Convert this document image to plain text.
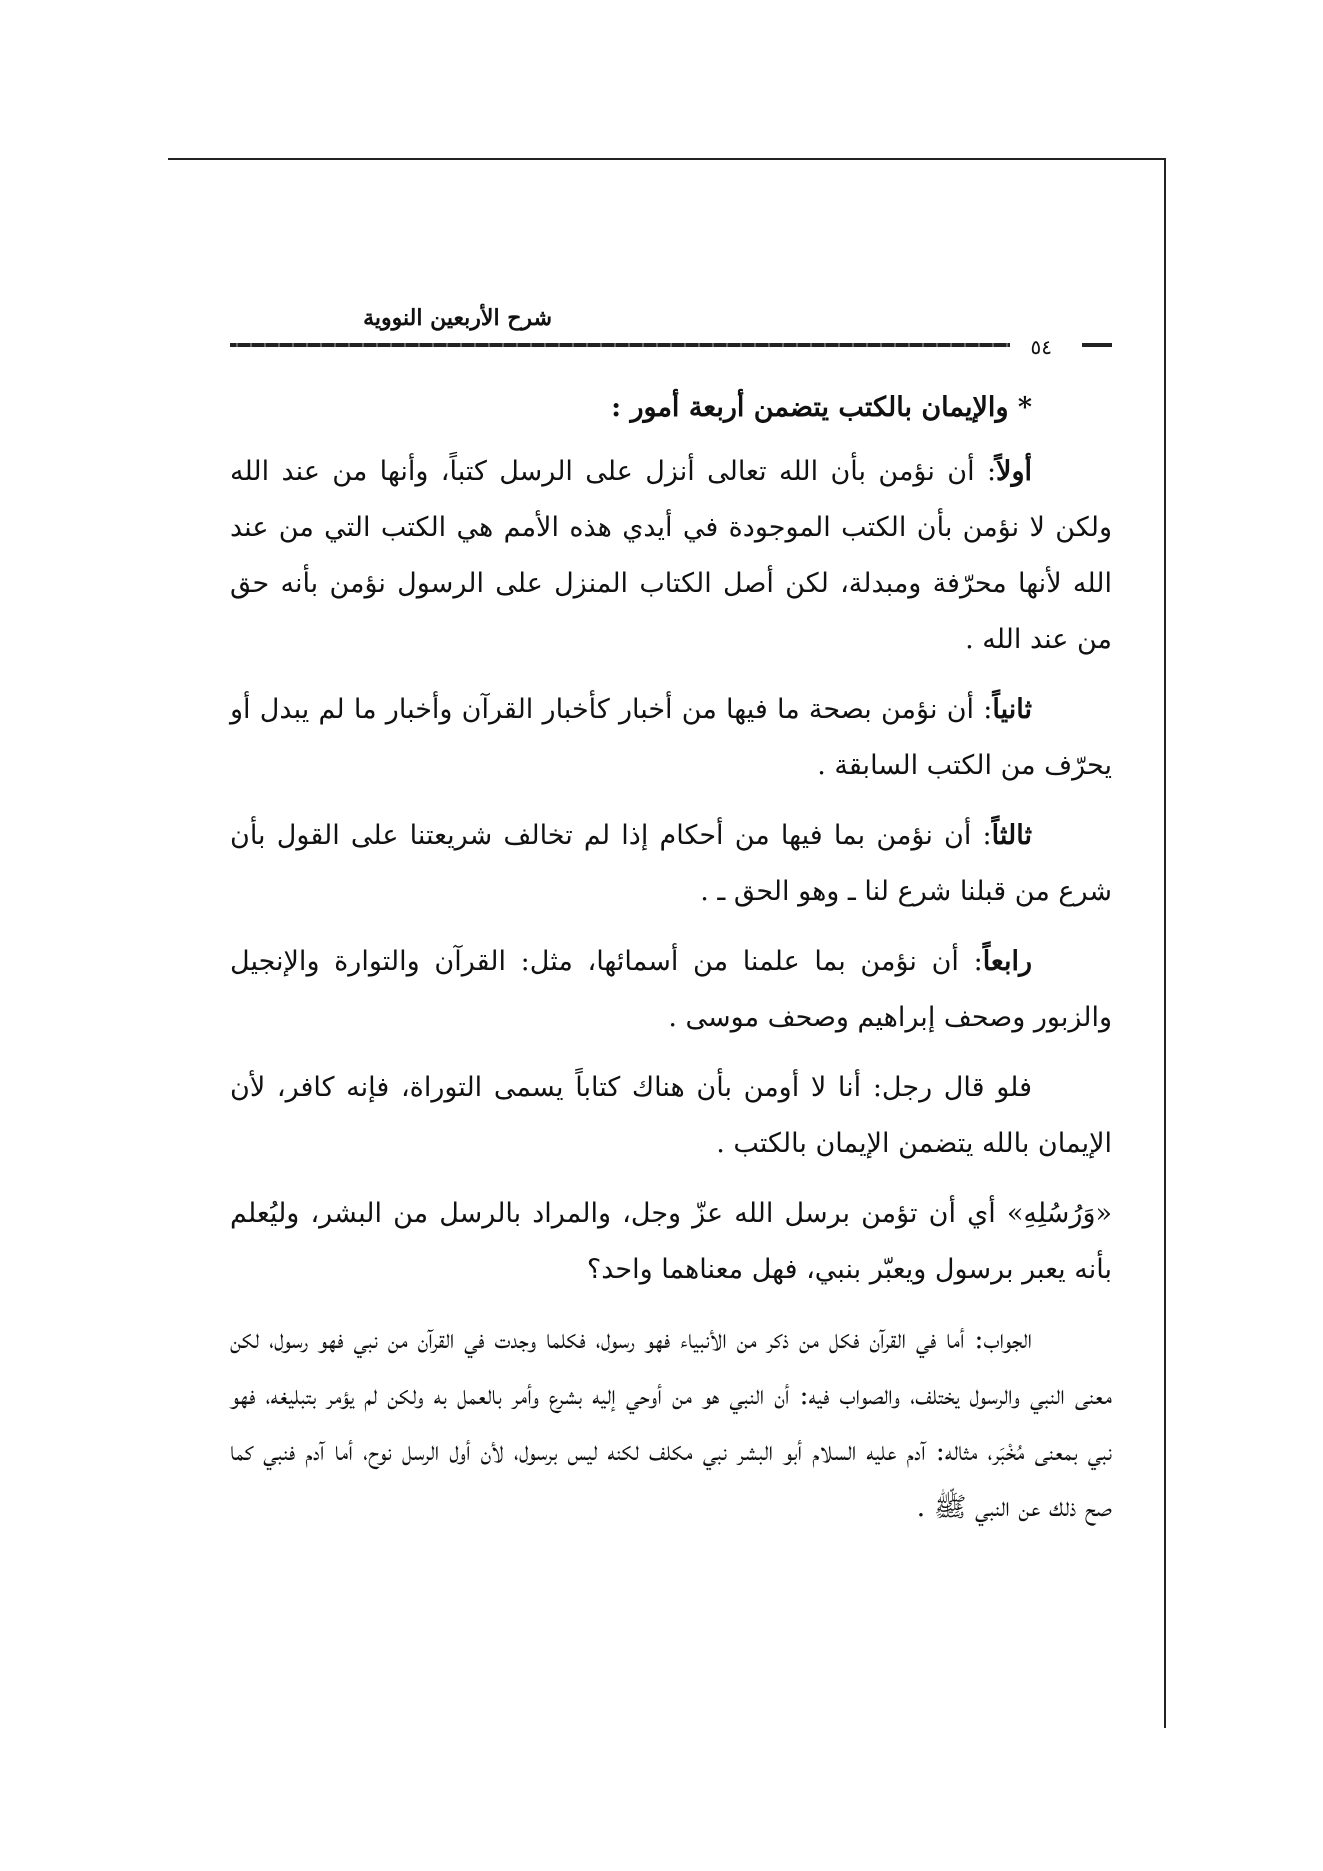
شرح الأربعين النووية
٥٤

* والإيمان بالكتب يتضمن أربعة أمور :

أولاً: أن نؤمن بأن الله تعالى أنزل على الرسل كتباً، وأنها من عند الله ولكن لا نؤمن بأن الكتب الموجودة في أيدي هذه الأمم هي الكتب التي من عند الله لأنها محرّفة ومبدلة، لكن أصل الكتاب المنزل على الرسول نؤمن بأنه حق من عند الله .

ثانياً: أن نؤمن بصحة ما فيها من أخبار كأخبار القرآن وأخبار ما لم يبدل أو يحرّف من الكتب السابقة .

ثالثاً: أن نؤمن بما فيها من أحكام إذا لم تخالف شريعتنا على القول بأن شرع من قبلنا شرع لنا ـ وهو الحق ـ .

رابعاً: أن نؤمن بما علمنا من أسمائها، مثل: القرآن والتوارة والإنجيل والزبور وصحف إبراهيم وصحف موسى .

فلو قال رجل: أنا لا أومن بأن هناك كتاباً يسمى التوراة، فإنه كافر، لأن الإيمان بالله يتضمن الإيمان بالكتب .

«وَرُسُلِهِ» أي أن تؤمن برسل الله عزّ وجل، والمراد بالرسل من البشر، وليُعلم بأنه يعبر برسول ويعبّر بنبي، فهل معناهما واحد؟

الجواب: أما في القرآن فكل من ذكر من الأنبياء فهو رسول، فكلما وجدت في القرآن من نبي فهو رسول، لكن معنى النبي والرسول يختلف، والصواب فيه: أن النبي هو من أوحي إليه بشرع وأمر بالعمل به ولكن لم يؤمر بتبليغه، فهو نبي بمعنى مُخْبَر، مثاله: آدم عليه السلام أبو البشر نبي مكلف لكنه ليس برسول، لأن أول الرسل نوح، أما آدم فنبي كما صح ذلك عن النبي ﷺ .
